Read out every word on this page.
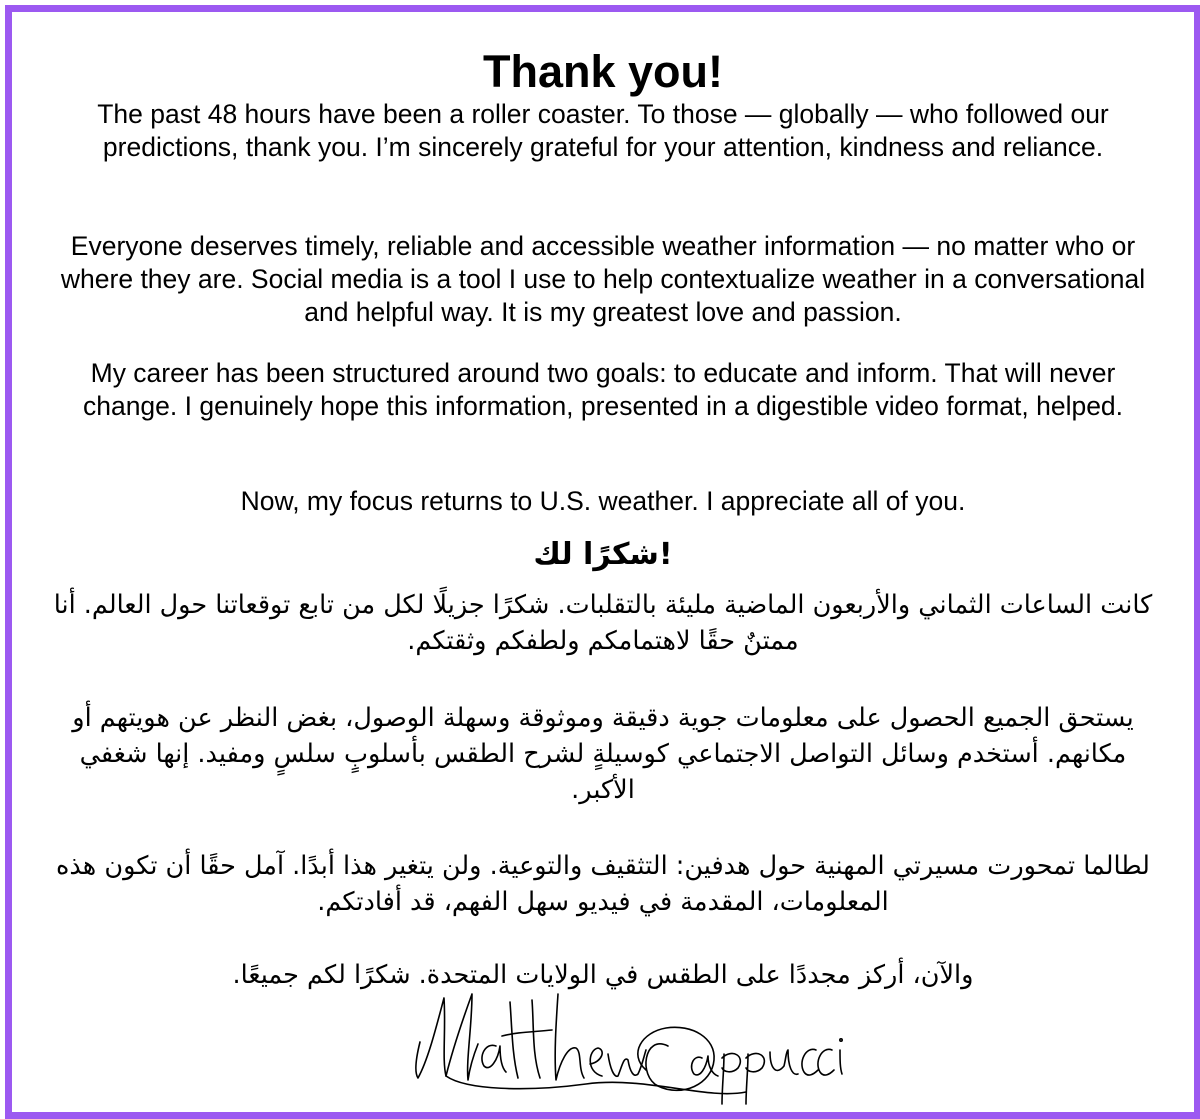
Thank you!

The past 48 hours have been a roller coaster. To those — globally — who followed our predictions, thank you. I’m sincerely grateful for your attention, kindness and reliance.

Everyone deserves timely, reliable and accessible weather information — no matter who or where they are. Social media is a tool I use to help contextualize weather in a conversational and helpful way. It is my greatest love and passion.

My career has been structured around two goals: to educate and inform. That will never change. I genuinely hope this information, presented in a digestible video format, helped.

Now, my focus returns to U.S. weather. I appreciate all of you.

!شكرًا لك

كانت الساعات الثماني والأربعون الماضية مليئة بالتقلبات. شكرًا جزيلًا لكل من تابع توقعاتنا حول العالم. أنا ممتنٌ حقًا لاهتمامكم ولطفكم وثقتكم.

يستحق الجميع الحصول على معلومات جوية دقيقة وموثوقة وسهلة الوصول، بغض النظر عن هويتهم أو مكانهم. أستخدم وسائل التواصل الاجتماعي كوسيلةٍ لشرح الطقس بأسلوبٍ سلسٍ ومفيد. إنها شغفي الأكبر.

لطالما تمحورت مسيرتي المهنية حول هدفين: التثقيف والتوعية. ولن يتغير هذا أبدًا. آمل حقًا أن تكون هذه المعلومات، المقدمة في فيديو سهل الفهم، قد أفادتكم.

والآن، أركز مجددًا على الطقس في الولايات المتحدة. شكرًا لكم جميعًا.
